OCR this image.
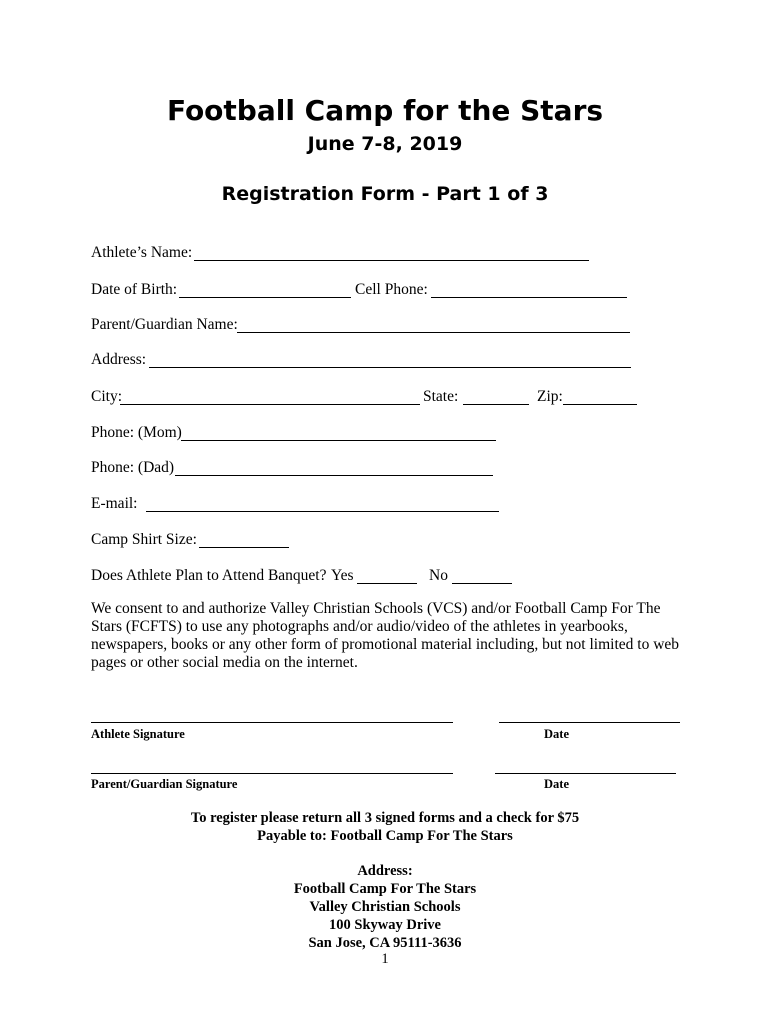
Football Camp for the Stars
June 7-8, 2019
Registration Form - Part 1 of 3
Athlete’s Name:
Date of Birth:	Cell Phone:
Parent/Guardian Name:
Address:
City:	State:	Zip:
Phone: (Mom)
Phone: (Dad)
E-mail:
Camp Shirt Size:
Does Athlete Plan to Attend Banquet? Yes	No

We consent to and authorize Valley Christian Schools (VCS) and/or Football Camp For The Stars (FCFTS) to use any photographs and/or audio/video of the athletes in yearbooks, newspapers, books or any other form of promotional material including, but not limited to web pages or other social media on the internet.

Athlete Signature	Date
Parent/Guardian Signature	Date
To register please return all 3 signed forms and a check for $75
Payable to: Football Camp For The Stars
Address:
Football Camp For The Stars
Valley Christian Schools
100 Skyway Drive
San Jose, CA 95111-3636
1
